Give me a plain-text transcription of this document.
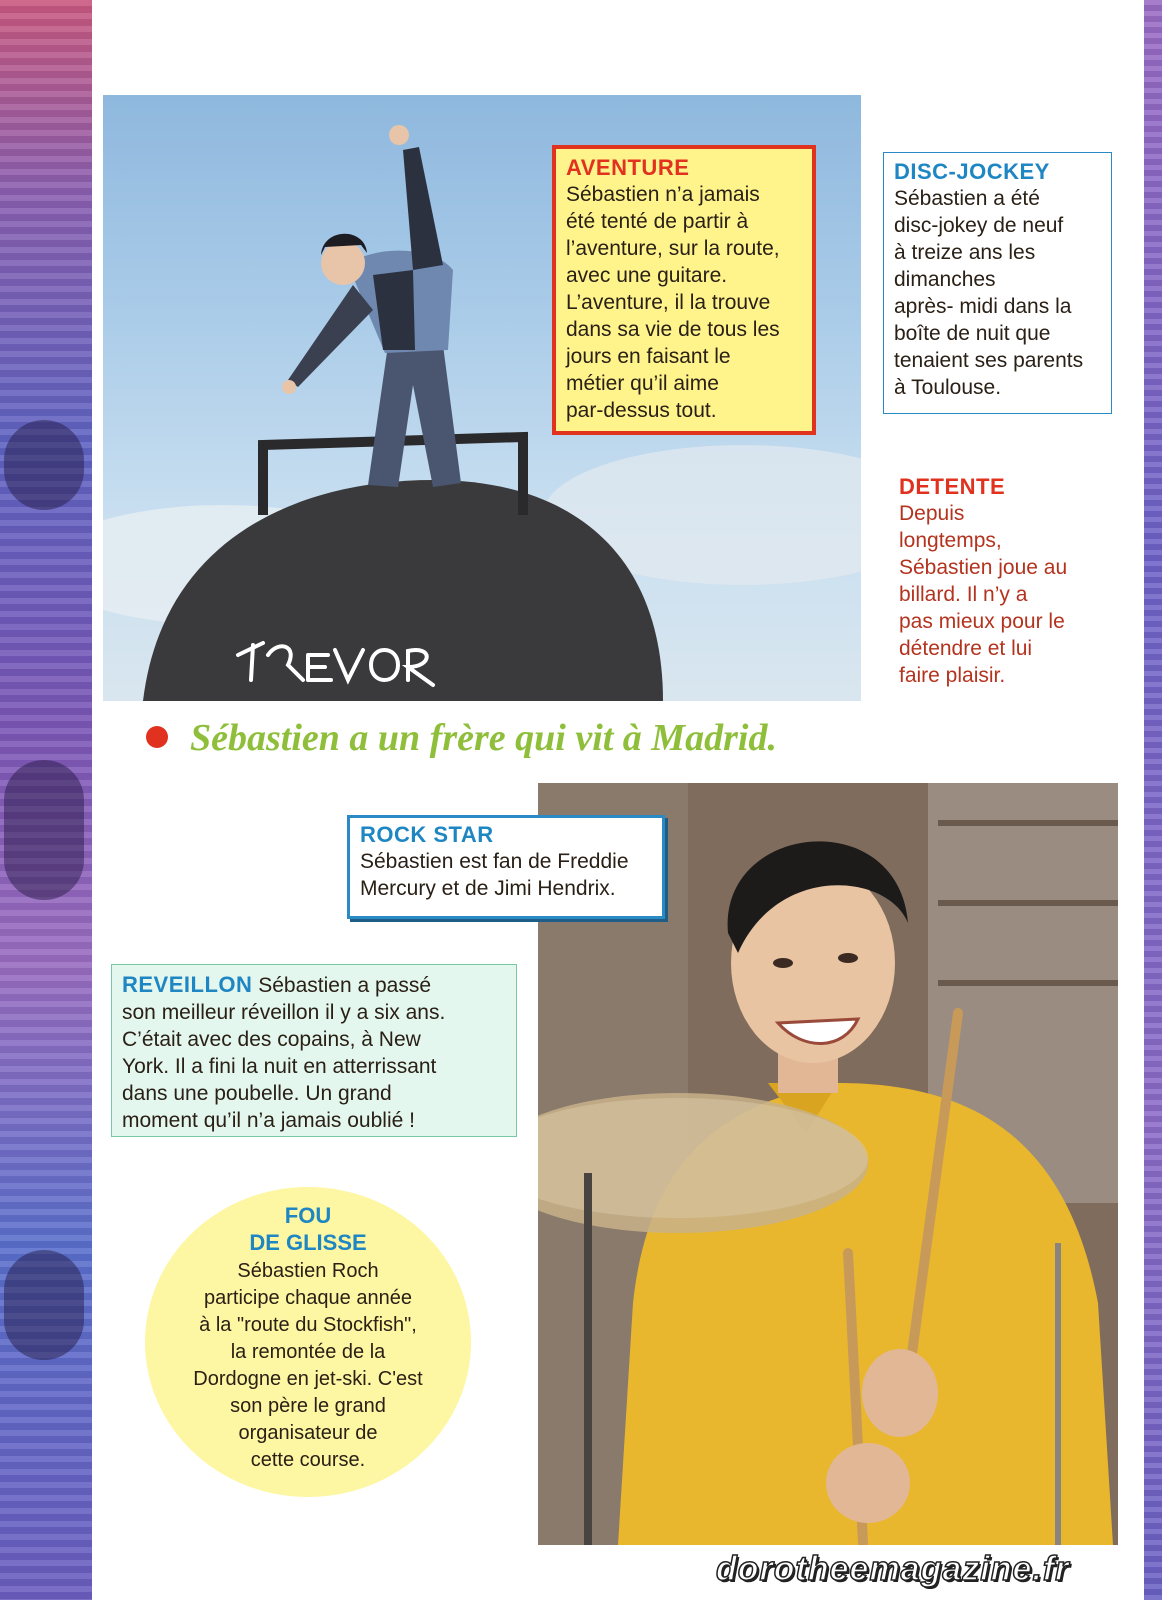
AVENTURE
Sébastien n’a jamais
été tenté de partir à
l’aventure, sur la route,
avec une guitare.
L’aventure, il la trouve
dans sa vie de tous les
jours en faisant le
métier qu’il aime
par-dessus tout.
DISC-JOCKEY
Sébastien a été
disc-jokey de neuf
à treize ans les
dimanches
après- midi dans la
boîte de nuit que
tenaient ses parents
à Toulouse.
DETENTE
Depuis
longtemps,
Sébastien joue au
billard. Il n’y a
pas mieux pour le
détendre et lui
faire plaisir.
Sébastien a un frère qui vit à Madrid.
ROCK STAR
Sébastien est fan de Freddie
Mercury et de Jimi Hendrix.
REVEILLON Sébastien a passé
son meilleur réveillon il y a six ans.
C’était avec des copains, à New
York. Il a fini la nuit en atterrissant
dans une poubelle. Un grand
moment qu’il n’a jamais oublié !
FOU
DE GLISSE
Sébastien Roch
participe chaque année
à la "route du Stockfish",
la remontée de la
Dordogne en jet-ski. C'est
son père le grand
organisateur de
cette course.
dorotheemagazine.fr
